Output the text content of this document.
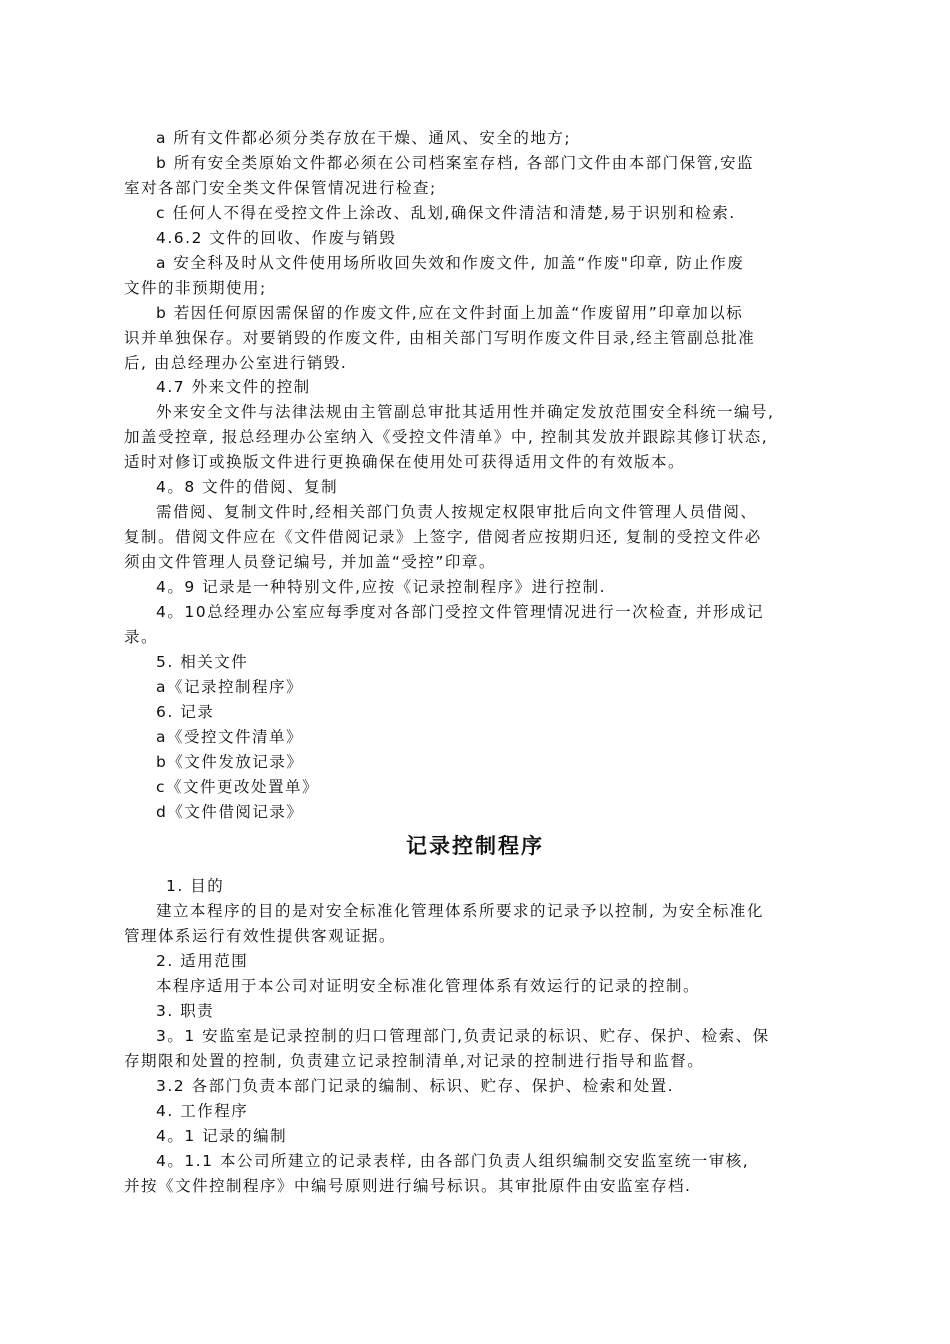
a 所有文件都必须分类存放在干燥、通风、安全的地方;
b 所有安全类原始文件都必须在公司档案室存档, 各部门文件由本部门保管,安监
室对各部门安全类文件保管情况进行检查;
c 任何人不得在受控文件上涂改、乱划,确保文件清洁和清楚,易于识别和检索.
4.6.2 文件的回收、作废与销毁
a 安全科及时从文件使用场所收回失效和作废文件, 加盖“作废"印章, 防止作废
文件的非预期使用;
b 若因任何原因需保留的作废文件,应在文件封面上加盖“作废留用”印章加以标
识并单独保存。对要销毁的作废文件, 由相关部门写明作废文件目录,经主管副总批准
后, 由总经理办公室进行销毁.
4.7 外来文件的控制
外来安全文件与法律法规由主管副总审批其适用性并确定发放范围安全科统一编号,
加盖受控章, 报总经理办公室纳入《受控文件清单》中, 控制其发放并跟踪其修订状态,
适时对修订或换版文件进行更换确保在使用处可获得适用文件的有效版本。
4。8 文件的借阅、复制
需借阅、复制文件时,经相关部门负责人按规定权限审批后向文件管理人员借阅、
复制。借阅文件应在《文件借阅记录》上签字, 借阅者应按期归还, 复制的受控文件必
须由文件管理人员登记编号, 并加盖“受控”印章。
4。9 记录是一种特别文件,应按《记录控制程序》进行控制.
4。10总经理办公室应每季度对各部门受控文件管理情况进行一次检查, 并形成记
录。
5. 相关文件
a《记录控制程序》
6. 记录
a《受控文件清单》
b《文件发放记录》
c《文件更改处置单》
d《文件借阅记录》
记录控制程序
1. 目的
建立本程序的目的是对安全标准化管理体系所要求的记录予以控制, 为安全标准化
管理体系运行有效性提供客观证据。
2. 适用范围
本程序适用于本公司对证明安全标准化管理体系有效运行的记录的控制。
3. 职责
3。1 安监室是记录控制的归口管理部门,负责记录的标识、贮存、保护、检索、保
存期限和处置的控制, 负责建立记录控制清单,对记录的控制进行指导和监督。
3.2 各部门负责本部门记录的编制、标识、贮存、保护、检索和处置.
4. 工作程序
4。1 记录的编制
4。1.1 本公司所建立的记录表样, 由各部门负责人组织编制交安监室统一审核,
并按《文件控制程序》中编号原则进行编号标识。其审批原件由安监室存档.
